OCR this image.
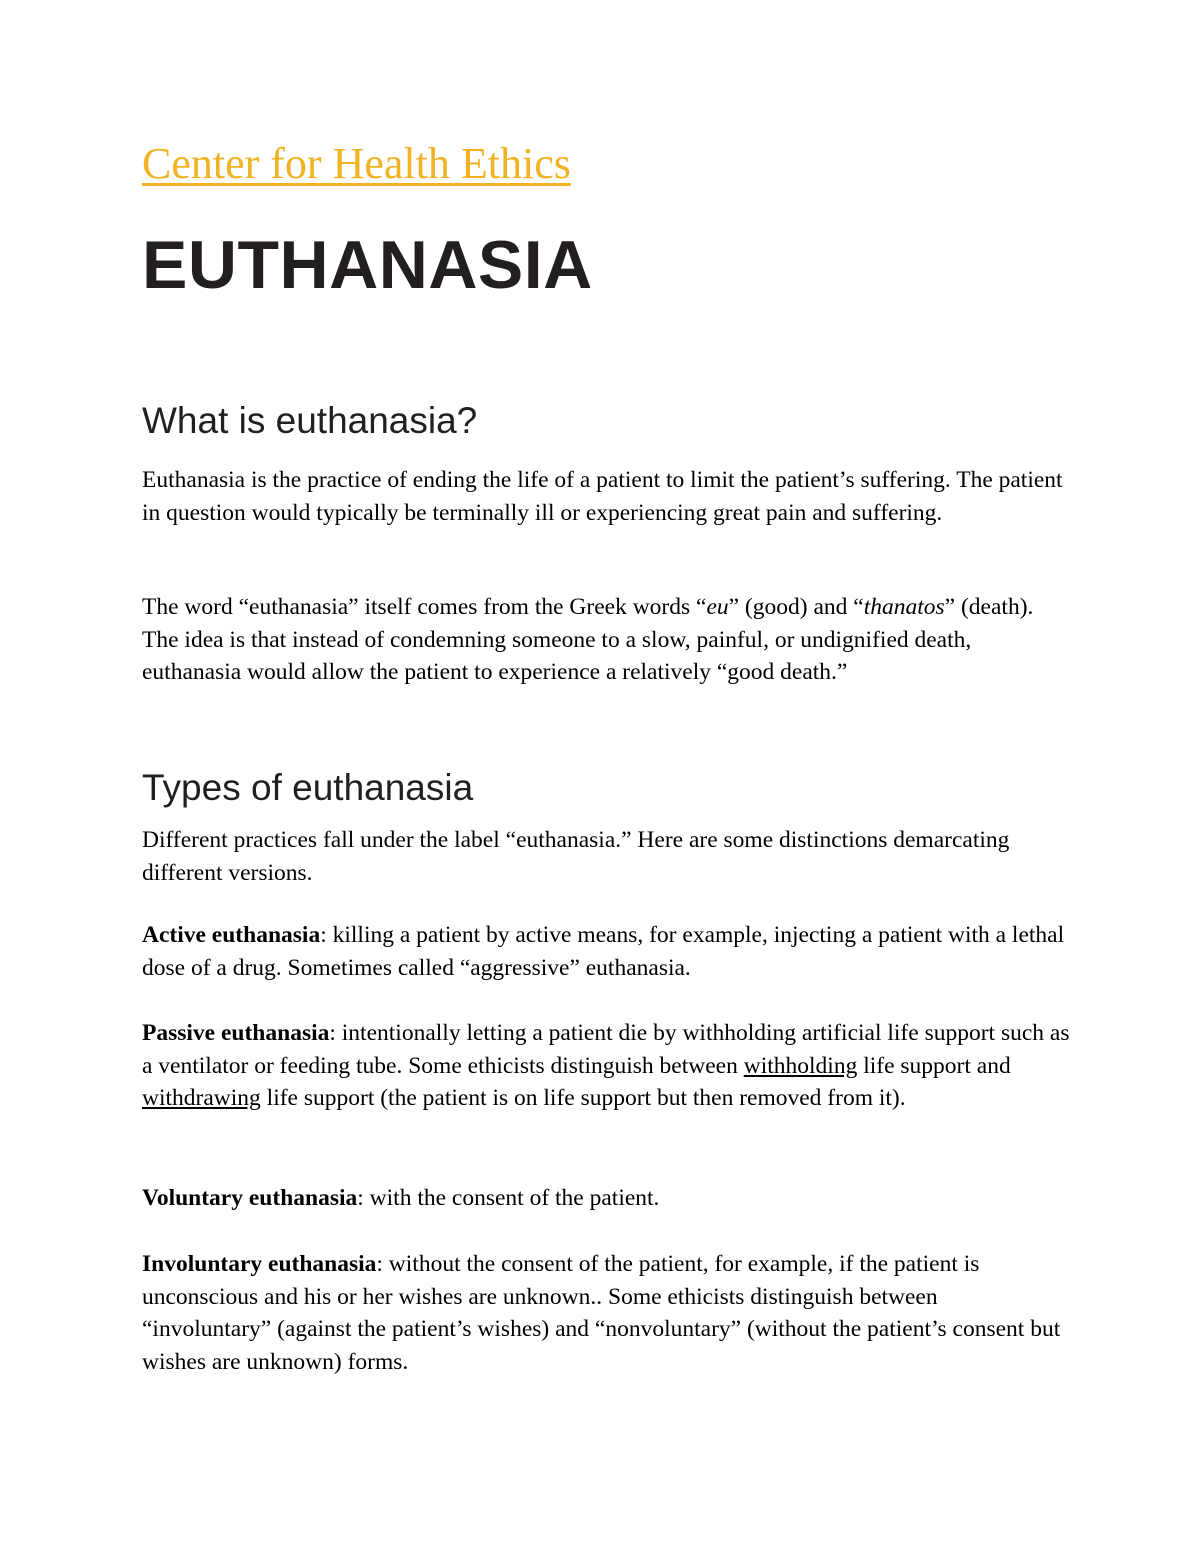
Center for Health Ethics
EUTHANASIA
What is euthanasia?

Euthanasia is the practice of ending the life of a patient to limit the patient’s suffering. The patient in question would typically be terminally ill or experiencing great pain and suffering.

The word “euthanasia” itself comes from the Greek words “eu” (good) and “thanatos” (death). The idea is that instead of condemning someone to a slow, painful, or undignified death, euthanasia would allow the patient to experience a relatively “good death.”

Types of euthanasia

Different practices fall under the label “euthanasia.” Here are some distinctions demarcating different versions.

Active euthanasia: killing a patient by active means, for example, injecting a patient with a lethal dose of a drug. Sometimes called “aggressive” euthanasia.

Passive euthanasia: intentionally letting a patient die by withholding artificial life support such as a ventilator or feeding tube. Some ethicists distinguish between withholding life support and withdrawing life support (the patient is on life support but then removed from it).

Voluntary euthanasia: with the consent of the patient.

Involuntary euthanasia: without the consent of the patient, for example, if the patient is unconscious and his or her wishes are unknown.. Some ethicists distinguish between “involuntary” (against the patient’s wishes) and “nonvoluntary” (without the patient’s consent but wishes are unknown) forms.
